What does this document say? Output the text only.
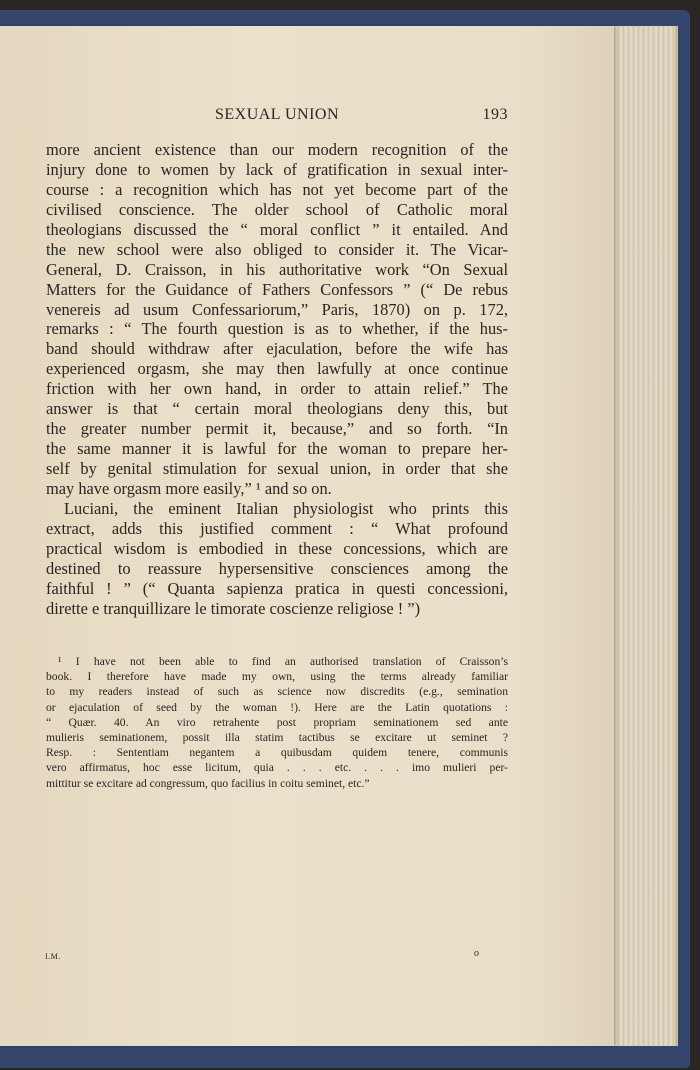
SEXUAL UNION	193
more ancient existence than our modern recognition of the
injury done to women by lack of gratification in sexual inter-
course : a recognition which has not yet become part of the
civilised conscience. The older school of Catholic moral
theologians discussed the “ moral conflict ” it entailed. And
the new school were also obliged to consider it. The Vicar-
General, D. Craisson, in his authoritative work “On Sexual
Matters for the Guidance of Fathers Confessors ” (“ De rebus
venereis ad usum Confessariorum,” Paris, 1870) on p. 172,
remarks : “ The fourth question is as to whether, if the hus-
band should withdraw after ejaculation, before the wife has
experienced orgasm, she may then lawfully at once continue
friction with her own hand, in order to attain relief.” The
answer is that “ certain moral theologians deny this, but
the greater number permit it, because,” and so forth. “In
the same manner it is lawful for the woman to prepare her-
self by genital stimulation for sexual union, in order that she
may have orgasm more easily,” ¹ and so on.
Luciani, the eminent Italian physiologist who prints this
extract, adds this justified comment : “ What profound
practical wisdom is embodied in these concessions, which are
destined to reassure hypersensitive consciences among the
faithful ! ” (“ Quanta sapienza pratica in questi concessioni,
dirette e tranquillizare le timorate coscienze religiose ! ”)
¹ I have not been able to find an authorised translation of Craisson’s
book. I therefore have made my own, using the terms already familiar
to my readers instead of such as science now discredits (e.g., semination
or ejaculation of seed by the woman !). Here are the Latin quotations :
“ Quær. 40. An viro retrahente post propriam seminationem sed ante
mulieris seminationem, possit illa statim tactibus se excitare ut seminet ?
Resp. : Sententiam negantem a quibusdam quidem tenere, communis
vero affirmatus, hoc esse licitum, quia . . . etc. . . . imo mulieri per-
mittitur se excitare ad congressum, quo facilius in coitu seminet, etc.”
I.M.	o
